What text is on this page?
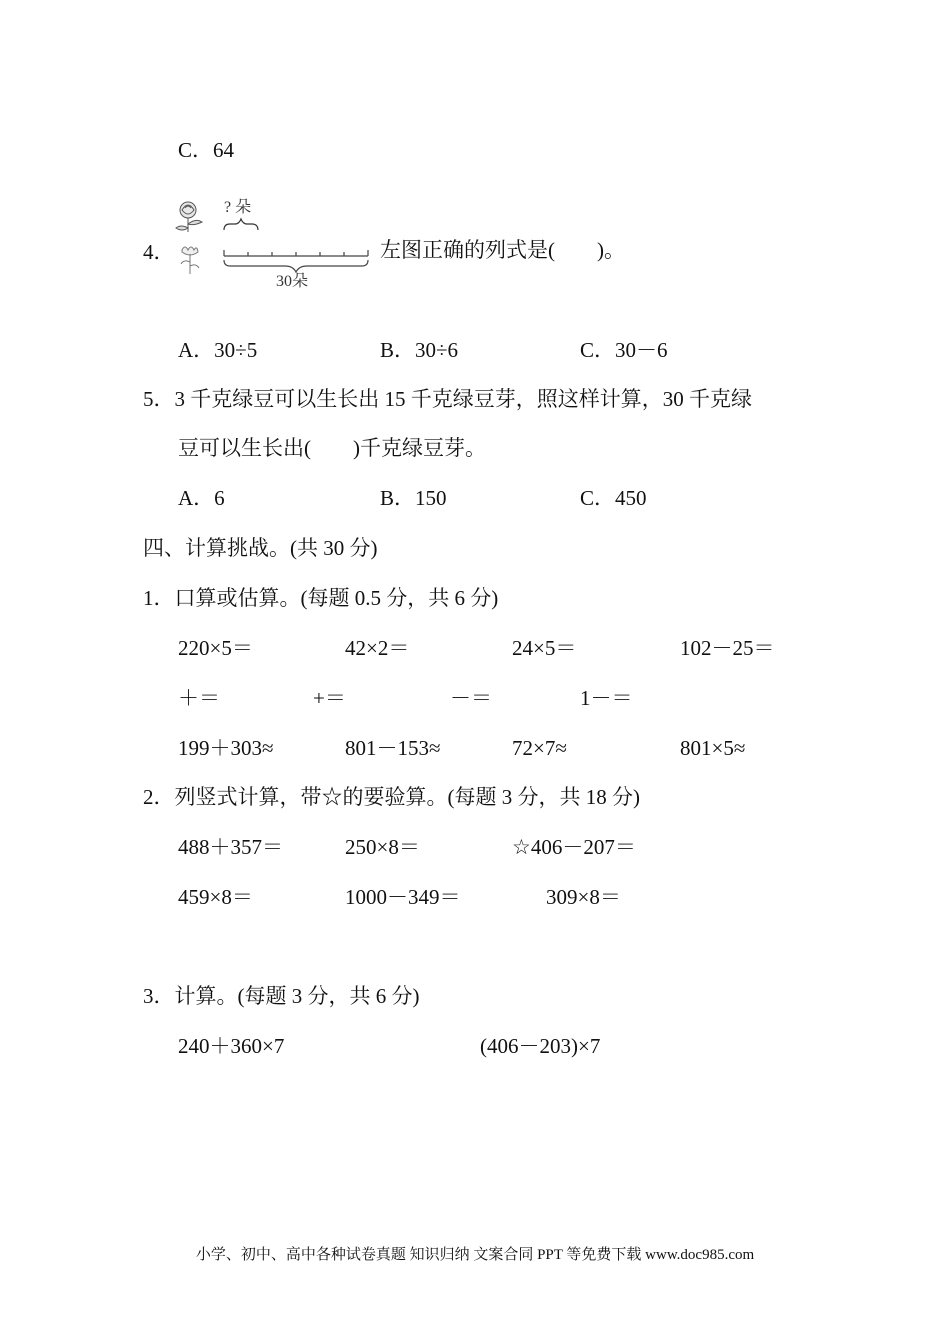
C．64
4．
? 朵
30朵
左图正确的列式是(　　)。
A．30÷5	B．30÷6	C．30－6
5．3 千克绿豆可以生长出 15 千克绿豆芽，照这样计算，30 千克绿
豆可以生长出(　　)千克绿豆芽。
A．6	B．150	C．450
四、计算挑战。(共 30 分)
1．口算或估算。(每题 0.5 分，共 6 分)
220×5＝	42×2＝	24×5＝	102－25＝
＋＝	+＝	－＝	1－＝
199＋303≈	801－153≈	72×7≈	801×5≈
2．列竖式计算，带☆的要验算。(每题 3 分，共 18 分)
488＋357＝	250×8＝	☆406－207＝
459×8＝	1000－349＝	309×8＝
3．计算。(每题 3 分，共 6 分)
240＋360×7	(406－203)×7
小学、初中、高中各种试卷真题 知识归纳 文案合同 PPT 等免费下载 www.doc985.com
